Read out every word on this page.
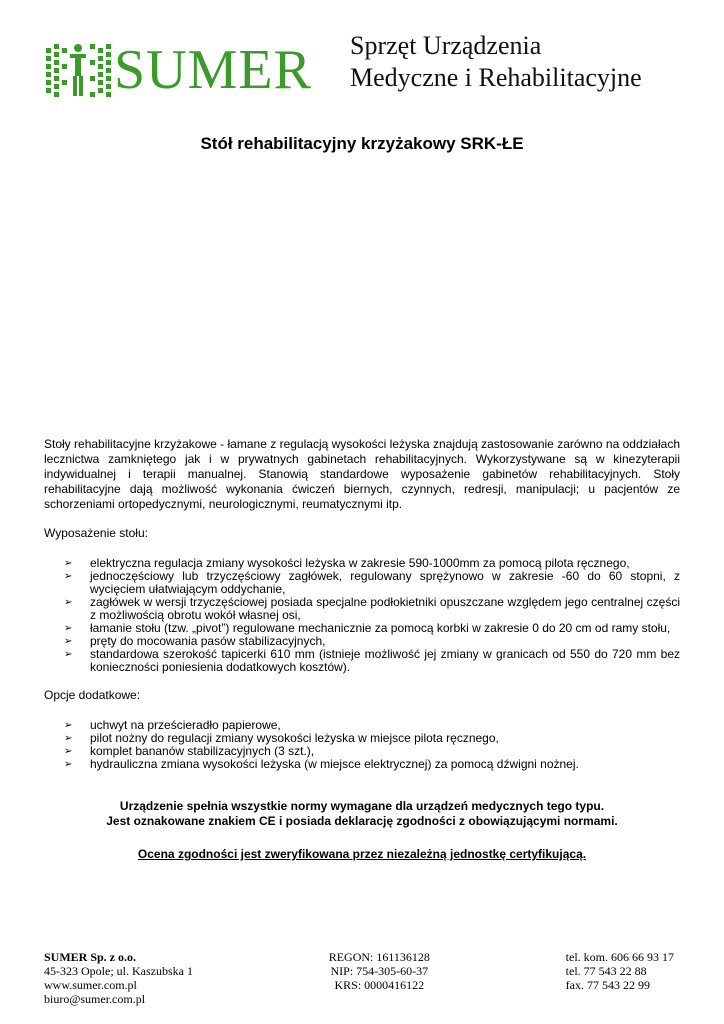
SUMER Sprzęt Urządzenia
Medyczne i Rehabilitacyjne
Stół rehabilitacyjny krzyżakowy SRK-ŁE

Stoły rehabilitacyjne krzyżakowe - łamane z regulacją wysokości leżyska znajdują zastosowanie zarówno na oddziałach lecznictwa zamkniętego jak i w prywatnych gabinetach rehabilitacyjnych. Wykorzystywane są w kinezyterapii indywidualnej i terapii manualnej. Stanowią standardowe wyposażenie gabinetów rehabilitacyjnych. Stoły rehabilitacyjne dają możliwość wykonania ćwiczeń biernych, czynnych, redresji, manipulacji; u pacjentów ze schorzeniami ortopedycznymi, neurologicznymi, reumatycznymi itp.

Wyposażenie stołu:
➢ elektryczna regulacja zmiany wysokości leżyska w zakresie 590-1000mm za pomocą pilota ręcznego,
➢ jednoczęściowy lub trzyczęściowy zagłówek, regulowany sprężynowo w zakresie -60 do 60 stopni, z wycięciem ułatwiającym oddychanie,
➢ zagłówek w wersji trzyczęściowej posiada specjalne podłokietniki opuszczane względem jego centralnej części z możliwością obrotu wokół własnej osi,
➢ łamanie stołu (tzw. „pivot”) regulowane mechanicznie za pomocą korbki w zakresie 0 do 20 cm od ramy stołu,
➢ pręty do mocowania pasów stabilizacyjnych,
➢ standardowa szerokość tapicerki 610 mm (istnieje możliwość jej zmiany w granicach od 550 do 720 mm bez konieczności poniesienia dodatkowych kosztów).
Opcje dodatkowe:
➢ uchwyt na prześcieradło papierowe,
➢ pilot nożny do regulacji zmiany wysokości leżyska w miejsce pilota ręcznego,
➢ komplet bananów stabilizacyjnych (3 szt.),
➢ hydrauliczna zmiana wysokości leżyska (w miejsce elektrycznej) za pomocą dźwigni nożnej.
Urządzenie spełnia wszystkie normy wymagane dla urządzeń medycznych tego typu.
Jest oznakowane znakiem CE i posiada deklarację zgodności z obowiązującymi normami.
Ocena zgodności jest zweryfikowana przez niezależną jednostkę certyfikującą.
SUMER Sp. z o.o.
45-323 Opole; ul. Kaszubska 1
www.sumer.com.pl
biuro@sumer.com.pl
REGON: 161136128
NIP: 754-305-60-37
KRS: 0000416122
tel. kom. 606 66 93 17
tel. 77 543 22 88
fax. 77 543 22 99
